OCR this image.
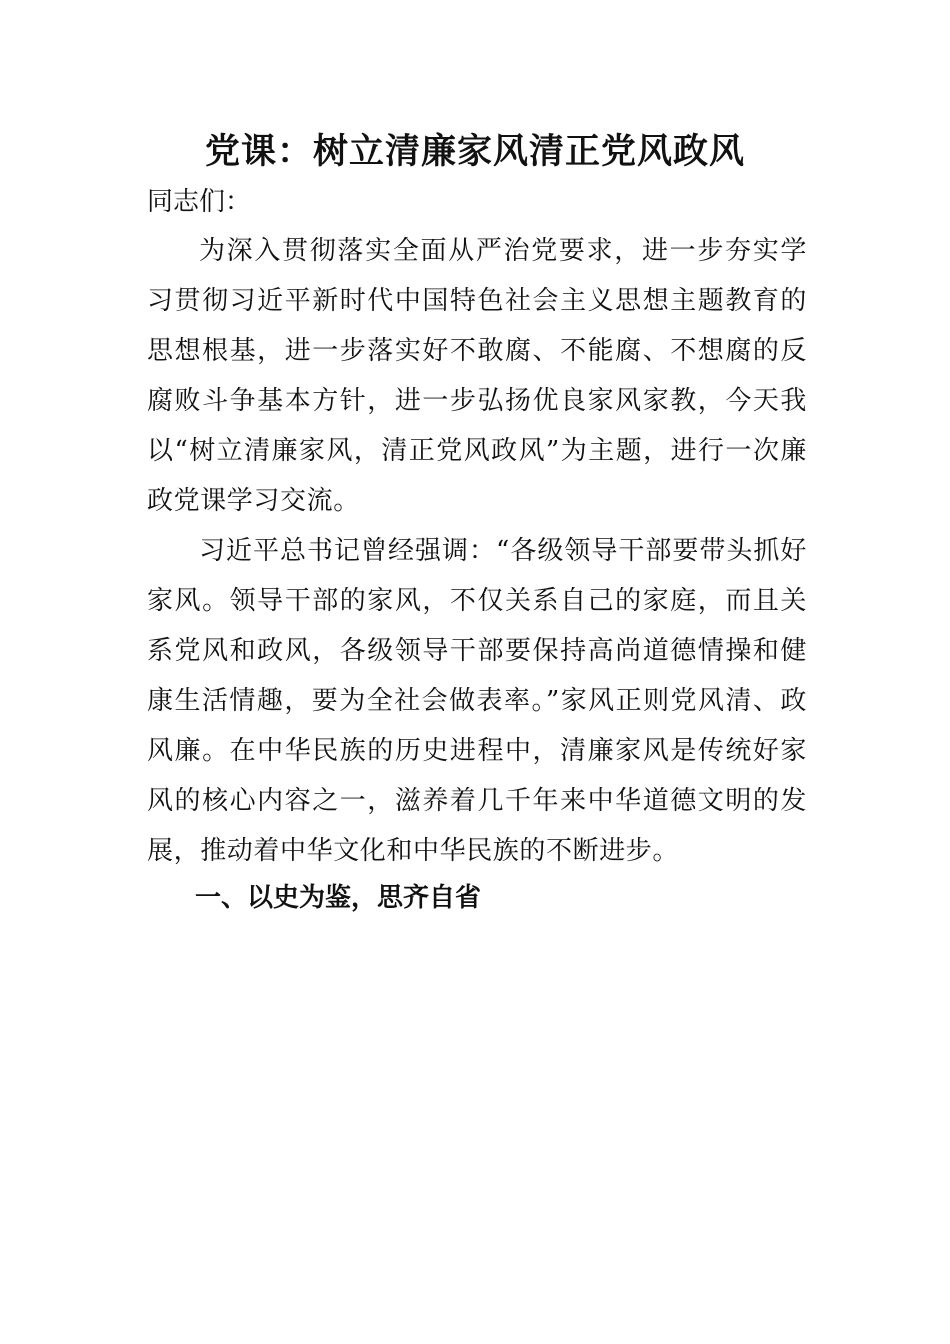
党课：树立清廉家风清正党风政风

同志们：

为深入贯彻落实全面从严治党要求，进一步夯实学习贯彻习近平新时代中国特色社会主义思想主题教育的思想根基，进一步落实好不敢腐、不能腐、不想腐的反腐败斗争基本方针，进一步弘扬优良家风家教，今天我以“树立清廉家风，清正党风政风”为主题，进行一次廉政党课学习交流。

习近平总书记曾经强调：“各级领导干部要带头抓好家风。领导干部的家风，不仅关系自己的家庭，而且关系党风和政风，各级领导干部要保持高尚道德情操和健康生活情趣，要为全社会做表率。”家风正则党风清、政风廉。在中华民族的历史进程中，清廉家风是传统好家风的核心内容之一，滋养着几千年来中华道德文明的发展，推动着中华文化和中华民族的不断进步。

一、以史为鉴，思齐自省
